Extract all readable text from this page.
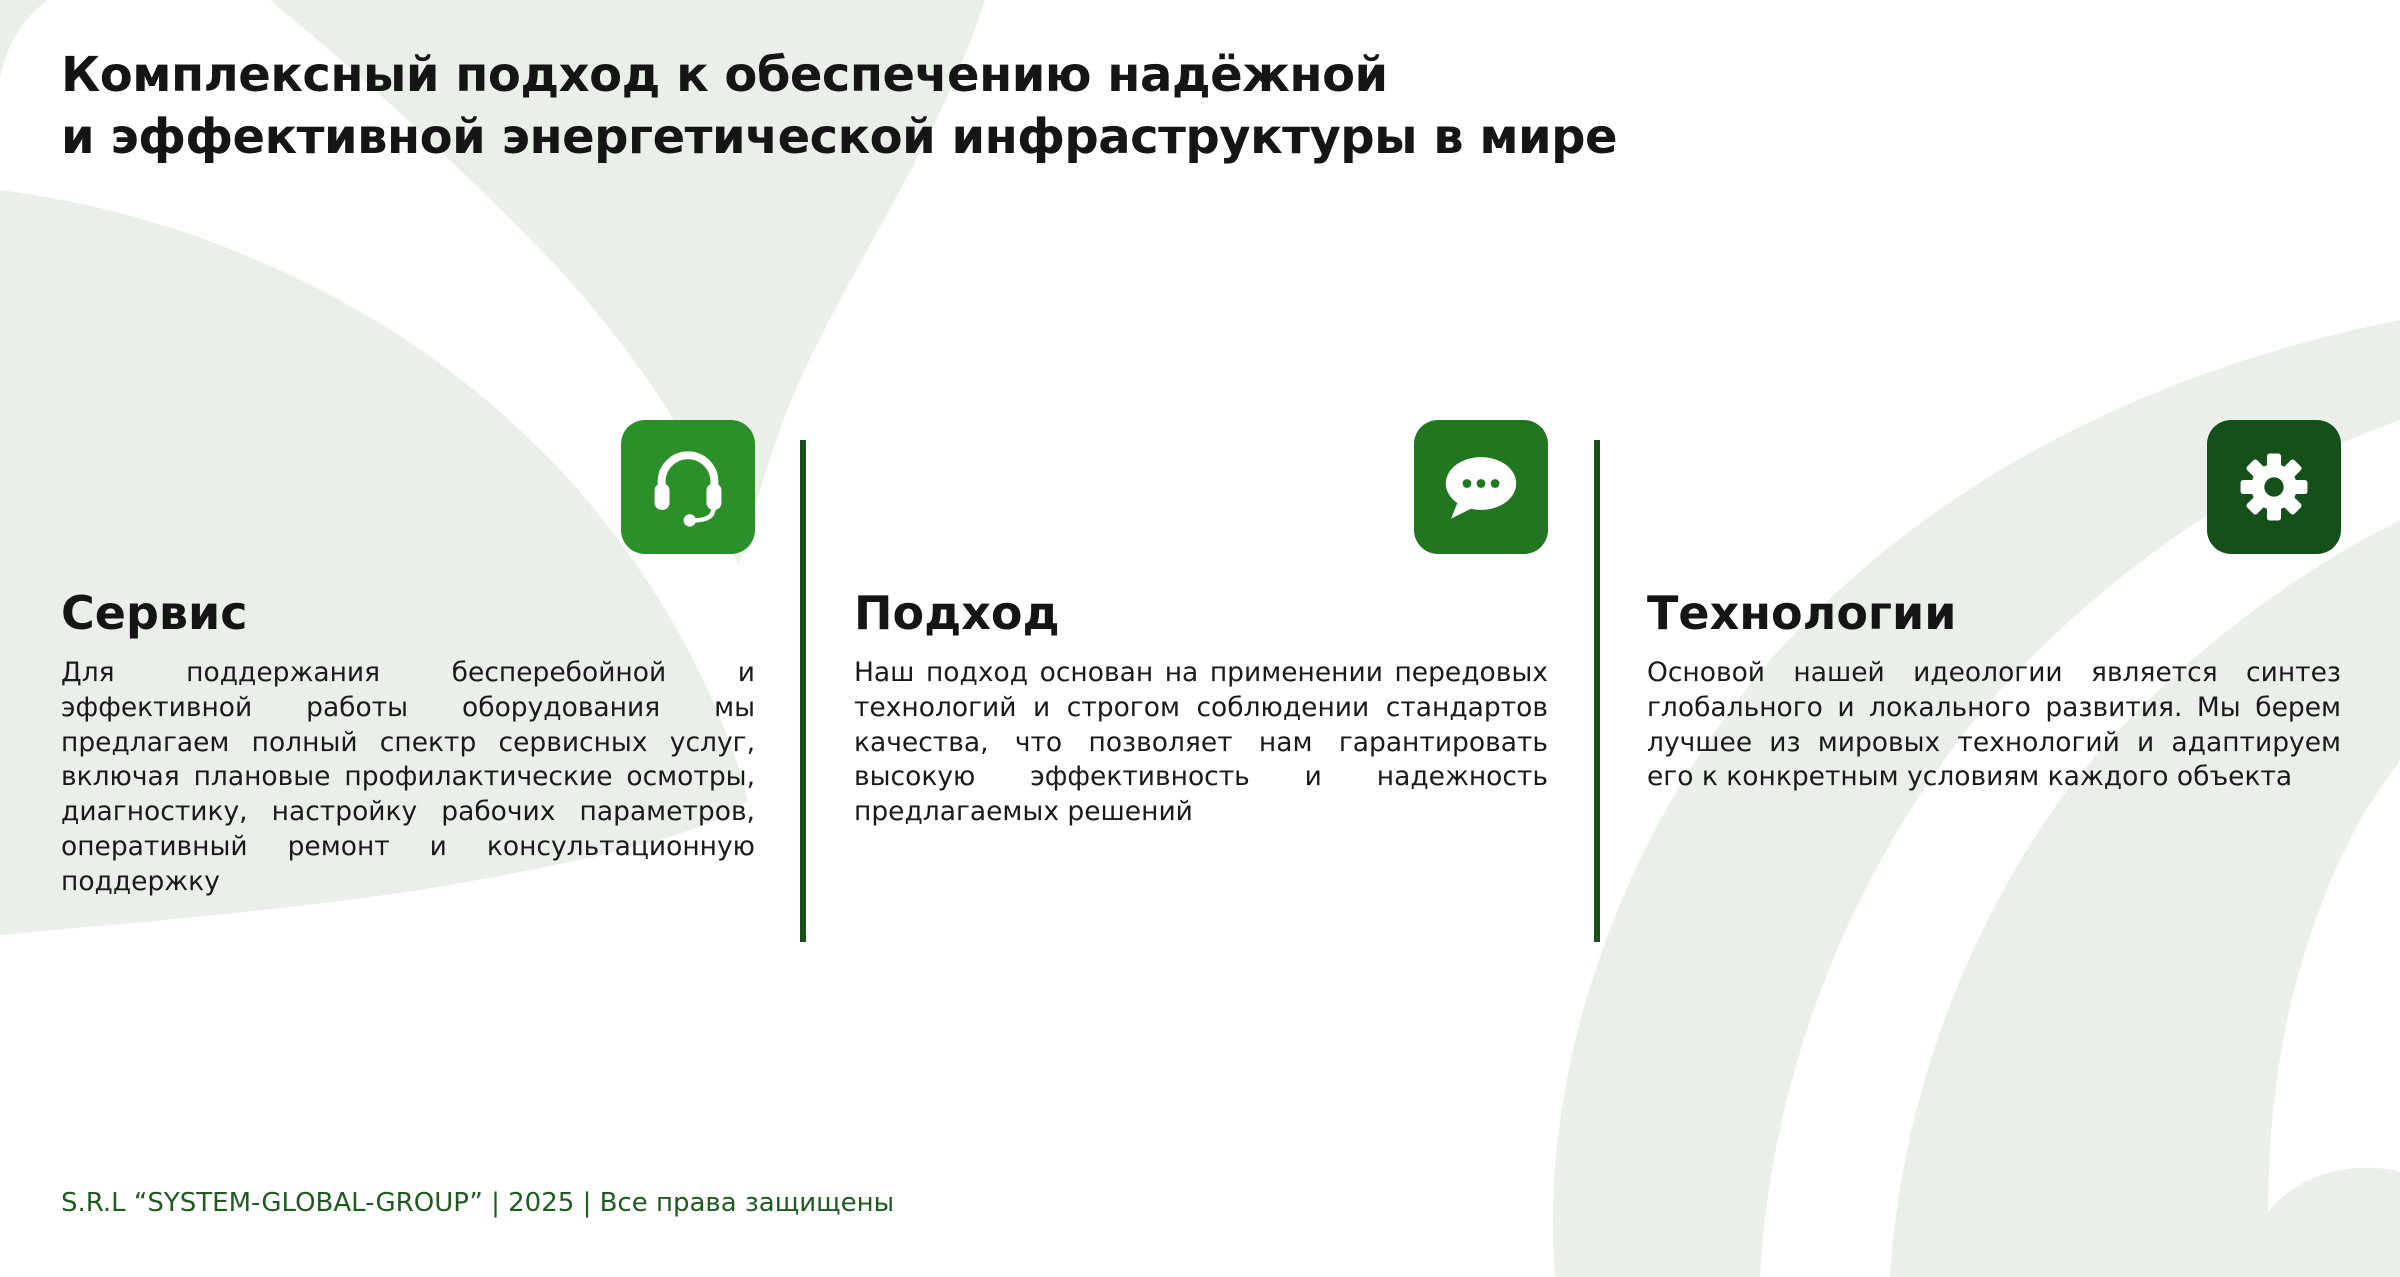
Комплексный подход к обеспечению надёжной
и эффективной энергетической инфраструктуры в мире
Сервис

Для поддержания бесперебойной и эффективной работы оборудования мы предлагаем полный спектр сервисных услуг, включая плановые профилактические осмотры, диагностику, настройку рабочих параметров, оперативный ремонт и консультационную поддержку

Подход

Наш подход основан на применении передовых технологий и строгом соблюдении стандартов качества, что позволяет нам гарантировать высокую эффективность и надежность предлагаемых решений

Технологии

Основой нашей идеологии является синтез глобального и локального развития. Мы берем лучшее из мировых технологий и адаптируем его к конкретным условиям каждого объекта

S.R.L “SYSTEM-GLOBAL-GROUP” | 2025 | Все права защищены
